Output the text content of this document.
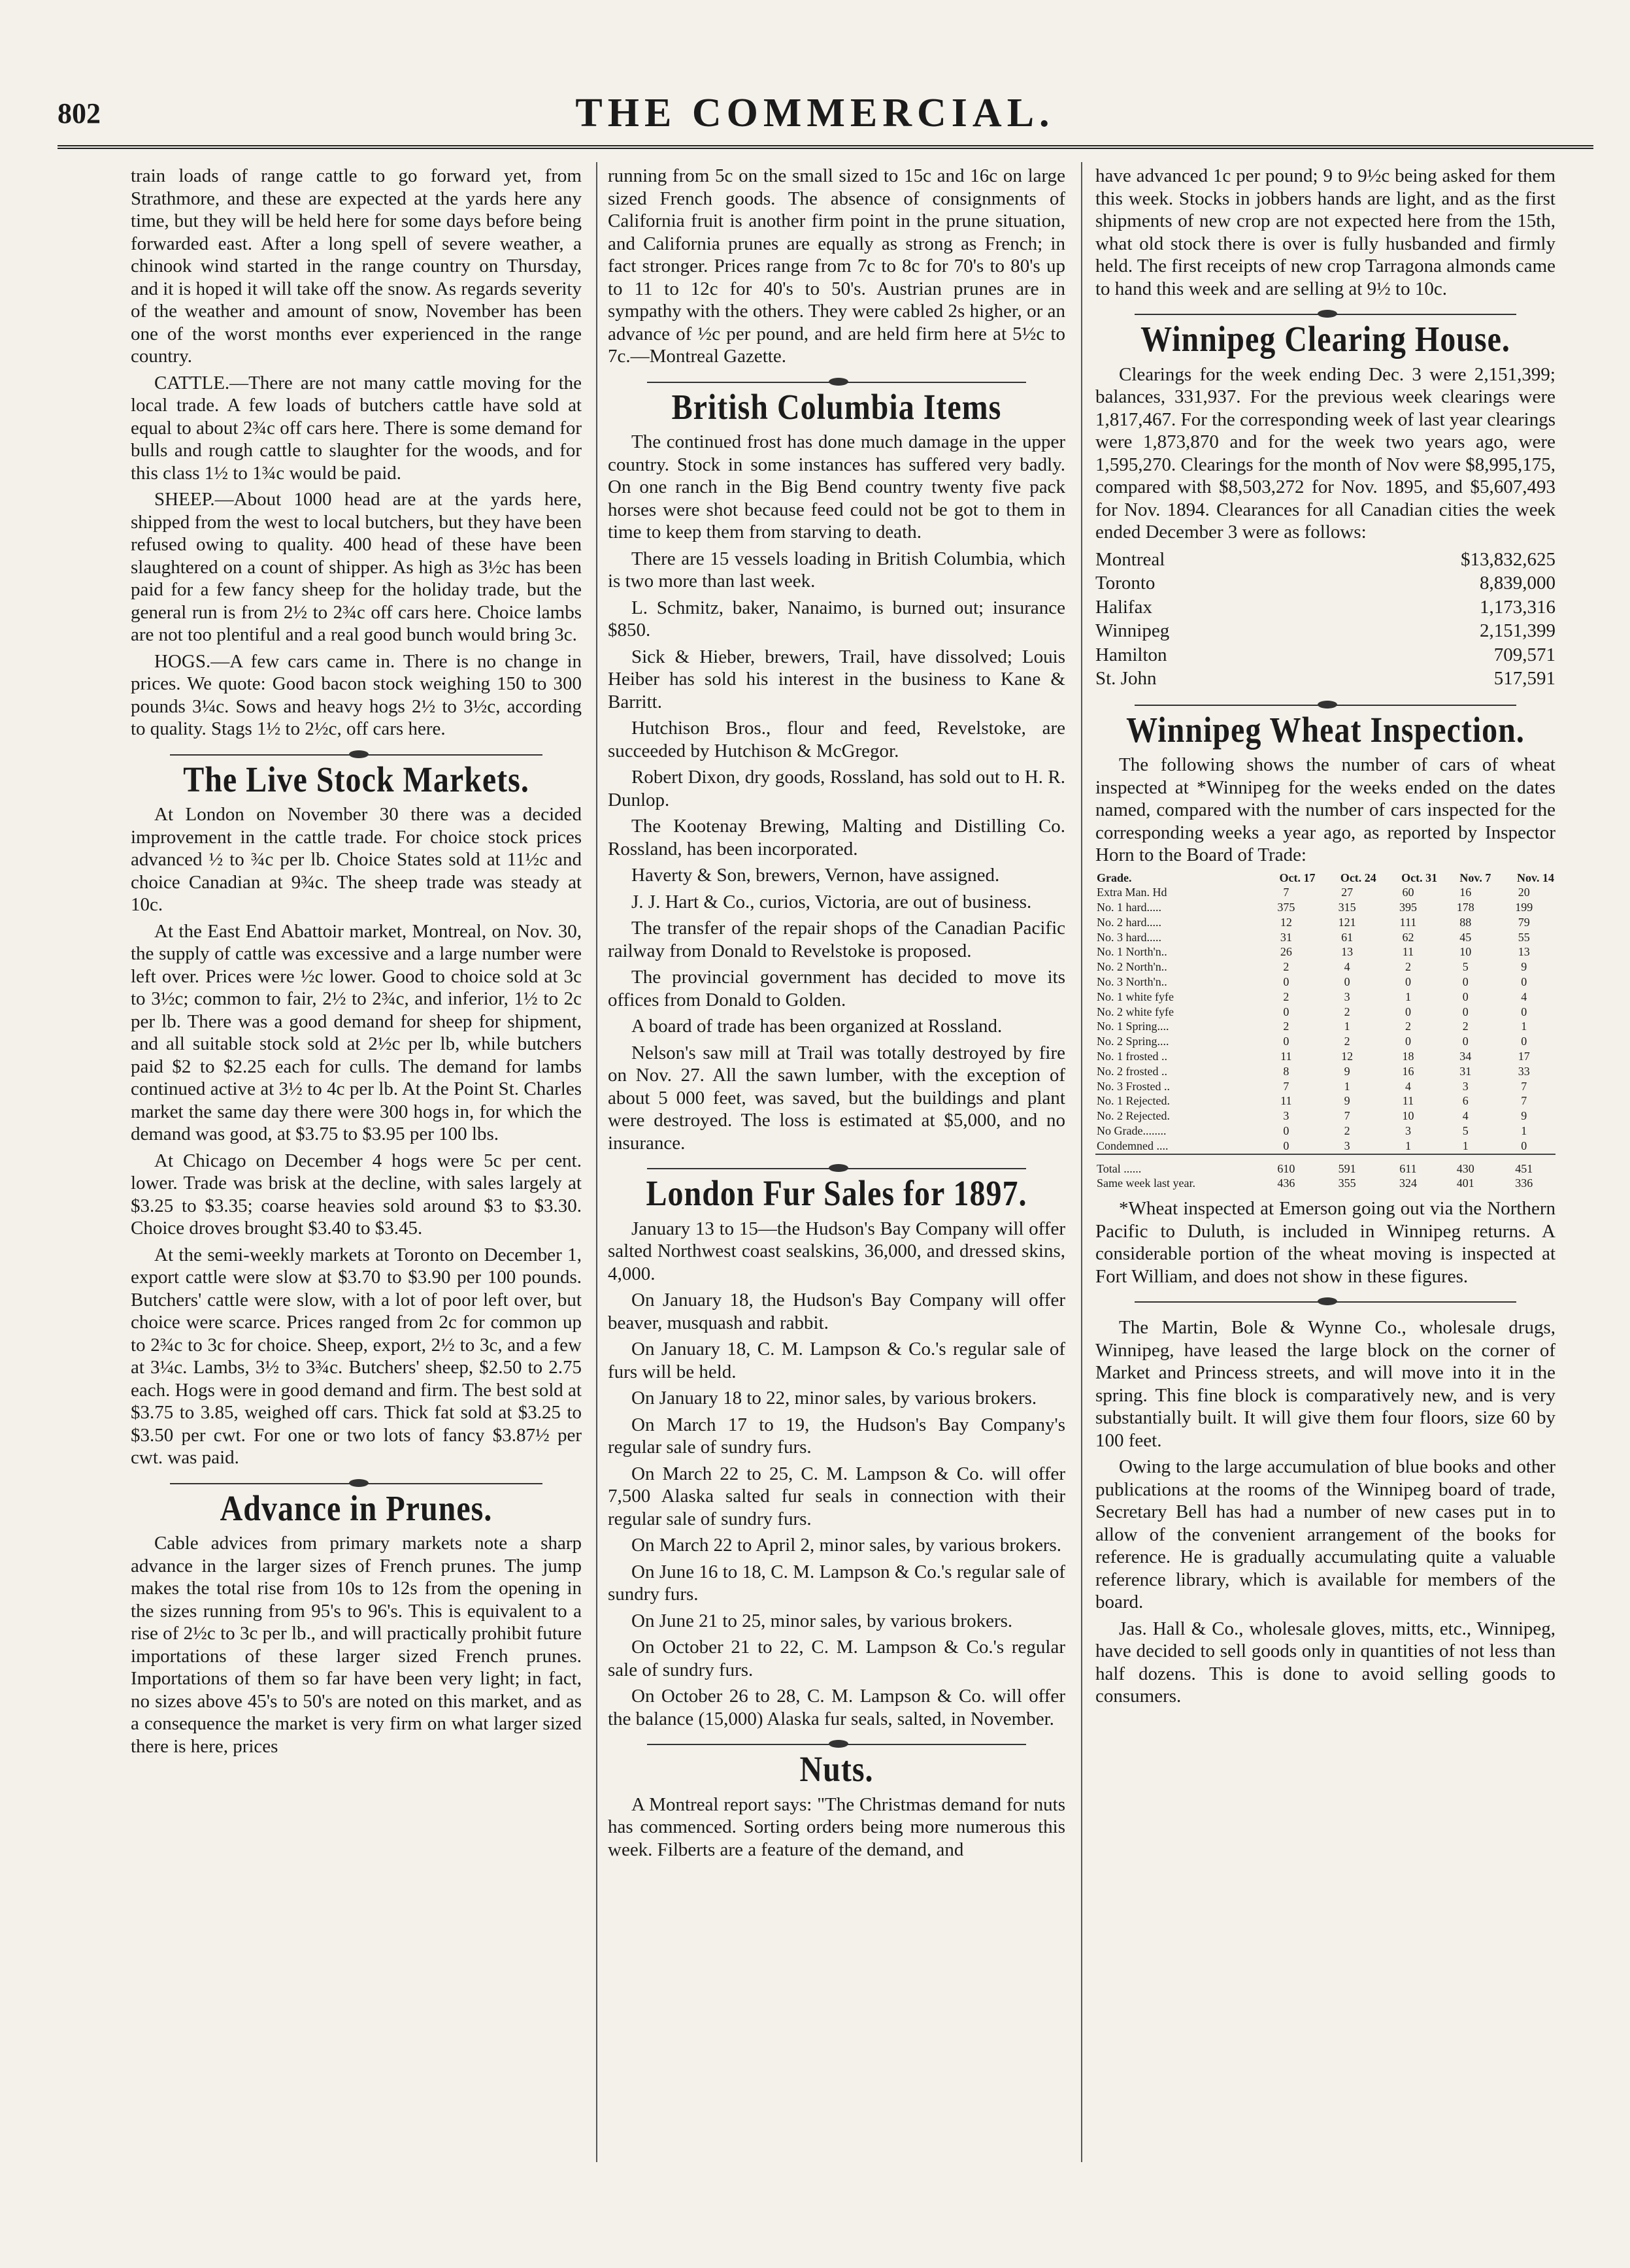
802	THE COMMERCIAL.

train loads of range cattle to go forward yet, from Strathmore, and these are expected at the yards here any time, but they will be held here for some days before being forwarded east. After a long spell of severe weather, a chinook wind started in the range country on Thursday, and it is hoped it will take off the snow. As regards severity of the weather and amount of snow, November has been one of the worst months ever experienced in the range country.

CATTLE.—There are not many cattle moving for the local trade. A few loads of butchers cattle have sold at equal to about 2¾c off cars here. There is some demand for bulls and rough cattle to slaughter for the woods, and for this class 1½ to 1¾c would be paid.

SHEEP.—About 1000 head are at the yards here, shipped from the west to local butchers, but they have been refused owing to quality. 400 head of these have been slaughtered on a count of shipper. As high as 3½c has been paid for a few fancy sheep for the holiday trade, but the general run is from 2½ to 2¾c off cars here. Choice lambs are not too plentiful and a real good bunch would bring 3c.

HOGS.—A few cars came in. There is no change in prices. We quote: Good bacon stock weighing 150 to 300 pounds 3¼c. Sows and heavy hogs 2½ to 3½c, according to quality. Stags 1½ to 2½c, off cars here.

The Live Stock Markets.

At London on November 30 there was a decided improvement in the cattle trade. For choice stock prices advanced ½ to ¾c per lb. Choice States sold at 11½c and choice Canadian at 9¾c. The sheep trade was steady at 10c.

At the East End Abattoir market, Montreal, on Nov. 30, the supply of cattle was excessive and a large number were left over. Prices were ½c lower. Good to choice sold at 3c to 3½c; common to fair, 2½ to 2¾c, and inferior, 1½ to 2c per lb. There was a good demand for sheep for shipment, and all suitable stock sold at 2½c per lb, while butchers paid $2 to $2.25 each for culls. The demand for lambs continued active at 3½ to 4c per lb. At the Point St. Charles market the same day there were 300 hogs in, for which the demand was good, at $3.75 to $3.95 per 100 lbs.

At Chicago on December 4 hogs were 5c per cent. lower. Trade was brisk at the decline, with sales largely at $3.25 to $3.35; coarse heavies sold around $3 to $3.30. Choice droves brought $3.40 to $3.45.

At the semi-weekly markets at Toronto on December 1, export cattle were slow at $3.70 to $3.90 per 100 pounds. Butchers' cattle were slow, with a lot of poor left over, but choice were scarce. Prices ranged from 2c for common up to 2¾c to 3c for choice. Sheep, export, 2½ to 3c, and a few at 3¼c. Lambs, 3½ to 3¾c. Butchers' sheep, $2.50 to 2.75 each. Hogs were in good demand and firm. The best sold at $3.75 to 3.85, weighed off cars. Thick fat sold at $3.25 to $3.50 per cwt. For one or two lots of fancy $3.87½ per cwt. was paid.

Advance in Prunes.

Cable advices from primary markets note a sharp advance in the larger sizes of French prunes. The jump makes the total rise from 10s to 12s from the opening in the sizes running from 95's to 96's. This is equivalent to a rise of 2½c to 3c per lb., and will practically prohibit future importations of these larger sized French prunes. Importations of them so far have been very light; in fact, no sizes above 45's to 50's are noted on this market, and as a consequence the market is very firm on what larger sized there is here, prices

running from 5c on the small sized to 15c and 16c on large sized French goods. The absence of consignments of California fruit is another firm point in the prune situation, and California prunes are equally as strong as French; in fact stronger. Prices range from 7c to 8c for 70's to 80's up to 11 to 12c for 40's to 50's. Austrian prunes are in sympathy with the others. They were cabled 2s higher, or an advance of ½c per pound, and are held firm here at 5½c to 7c.—Montreal Gazette.

British Columbia Items

The continued frost has done much damage in the upper country. Stock in some instances has suffered very badly. On one ranch in the Big Bend country twenty five pack horses were shot because feed could not be got to them in time to keep them from starving to death.

There are 15 vessels loading in British Columbia, which is two more than last week.

L. Schmitz, baker, Nanaimo, is burned out; insurance $850.

Sick & Hieber, brewers, Trail, have dissolved; Louis Heiber has sold his interest in the business to Kane & Barritt.

Hutchison Bros., flour and feed, Revelstoke, are succeeded by Hutchison & McGregor.

Robert Dixon, dry goods, Rossland, has sold out to H. R. Dunlop.

The Kootenay Brewing, Malting and Distilling Co. Rossland, has been incorporated.

Haverty & Son, brewers, Vernon, have assigned.

J. J. Hart & Co., curios, Victoria, are out of business.

The transfer of the repair shops of the Canadian Pacific railway from Donald to Revelstoke is proposed.

The provincial government has decided to move its offices from Donald to Golden.

A board of trade has been organized at Rossland.

Nelson's saw mill at Trail was totally destroyed by fire on Nov. 27. All the sawn lumber, with the exception of about 5 000 feet, was saved, but the buildings and plant were destroyed. The loss is estimated at $5,000, and no insurance.

London Fur Sales for 1897.

January 13 to 15—the Hudson's Bay Company will offer salted Northwest coast sealskins, 36,000, and dressed skins, 4,000.

On January 18, the Hudson's Bay Company will offer beaver, musquash and rabbit.

On January 18, C. M. Lampson & Co.'s regular sale of furs will be held.

On January 18 to 22, minor sales, by various brokers.

On March 17 to 19, the Hudson's Bay Company's regular sale of sundry furs.

On March 22 to 25, C. M. Lampson & Co. will offer 7,500 Alaska salted fur seals in connection with their regular sale of sundry furs.

On March 22 to April 2, minor sales, by various brokers.

On June 16 to 18, C. M. Lampson & Co.'s regular sale of sundry furs.

On June 21 to 25, minor sales, by various brokers.

On October 21 to 22, C. M. Lampson & Co.'s regular sale of sundry furs.

On October 26 to 28, C. M. Lampson & Co. will offer the balance (15,000) Alaska fur seals, salted, in November.

Nuts.

A Montreal report says: "The Christmas demand for nuts has commenced. Sorting orders being more numerous this week. Filberts are a feature of the demand, and

have advanced 1c per pound; 9 to 9½c being asked for them this week. Stocks in jobbers hands are light, and as the first shipments of new crop are not expected here from the 15th, what old stock there is over is fully husbanded and firmly held. The first receipts of new crop Tarragona almonds came to hand this week and are selling at 9½ to 10c.

Winnipeg Clearing House.

Clearings for the week ending Dec. 3 were 2,151,399; balances, 331,937. For the previous week clearings were 1,817,467. For the corresponding week of last year clearings were 1,873,870 and for the week two years ago, were 1,595,270. Clearings for the month of Nov were $8,995,175, compared with $8,503,272 for Nov. 1895, and $5,607,493 for Nov. 1894. Clearances for all Canadian cities the week ended December 3 were as follows:

Montreal	$13,832,625
Toronto	8,839,000
Halifax	1,173,316
Winnipeg	2,151,399
Hamilton	709,571
St. John	517,591
Winnipeg Wheat Inspection.

The following shows the number of cars of wheat inspected at *Winnipeg for the weeks ended on the dates named, compared with the number of cars inspected for the corresponding weeks a year ago, as reported by Inspector Horn to the Board of Trade:

Grade.	Oct. 17	Oct. 24	Oct. 31	Nov. 7	Nov. 14
Extra Man. Hd	7	27	60	16	20
No. 1 hard.....	375	315	395	178	199
No. 2 hard.....	12	121	111	88	79
No. 3 hard.....	31	61	62	45	55
No. 1 North'n..	26	13	11	10	13
No. 2 North'n..	2	4	2	5	9
No. 3 North'n..	0	0	0	0	0
No. 1 white fyfe	2	3	1	0	4
No. 2 white fyfe	0	2	0	0	0
No. 1 Spring....	2	1	2	2	1
No. 2 Spring....	0	2	0	0	0
No. 1 frosted ..	11	12	18	34	17
No. 2 frosted ..	8	9	16	31	33
No. 3 Frosted ..	7	1	4	3	7
No. 1 Rejected.	11	9	11	6	7
No. 2 Rejected.	3	7	10	4	9
No Grade........	0	2	3	5	1
Condemned ....	0	3	1	1	0

Total ......	610	591	611	430	451
Same week last year.	436	355	324	401	336

*Wheat inspected at Emerson going out via the Northern Pacific to Duluth, is included in Winnipeg returns. A considerable portion of the wheat moving is inspected at Fort William, and does not show in these figures.

The Martin, Bole & Wynne Co., wholesale drugs, Winnipeg, have leased the large block on the corner of Market and Princess streets, and will move into it in the spring. This fine block is comparatively new, and is very substantially built. It will give them four floors, size 60 by 100 feet.

Owing to the large accumulation of blue books and other publications at the rooms of the Winnipeg board of trade, Secretary Bell has had a number of new cases put in to allow of the convenient arrangement of the books for reference. He is gradually accumulating quite a valuable reference library, which is available for members of the board.

Jas. Hall & Co., wholesale gloves, mitts, etc., Winnipeg, have decided to sell goods only in quantities of not less than half dozens. This is done to avoid selling goods to consumers.
